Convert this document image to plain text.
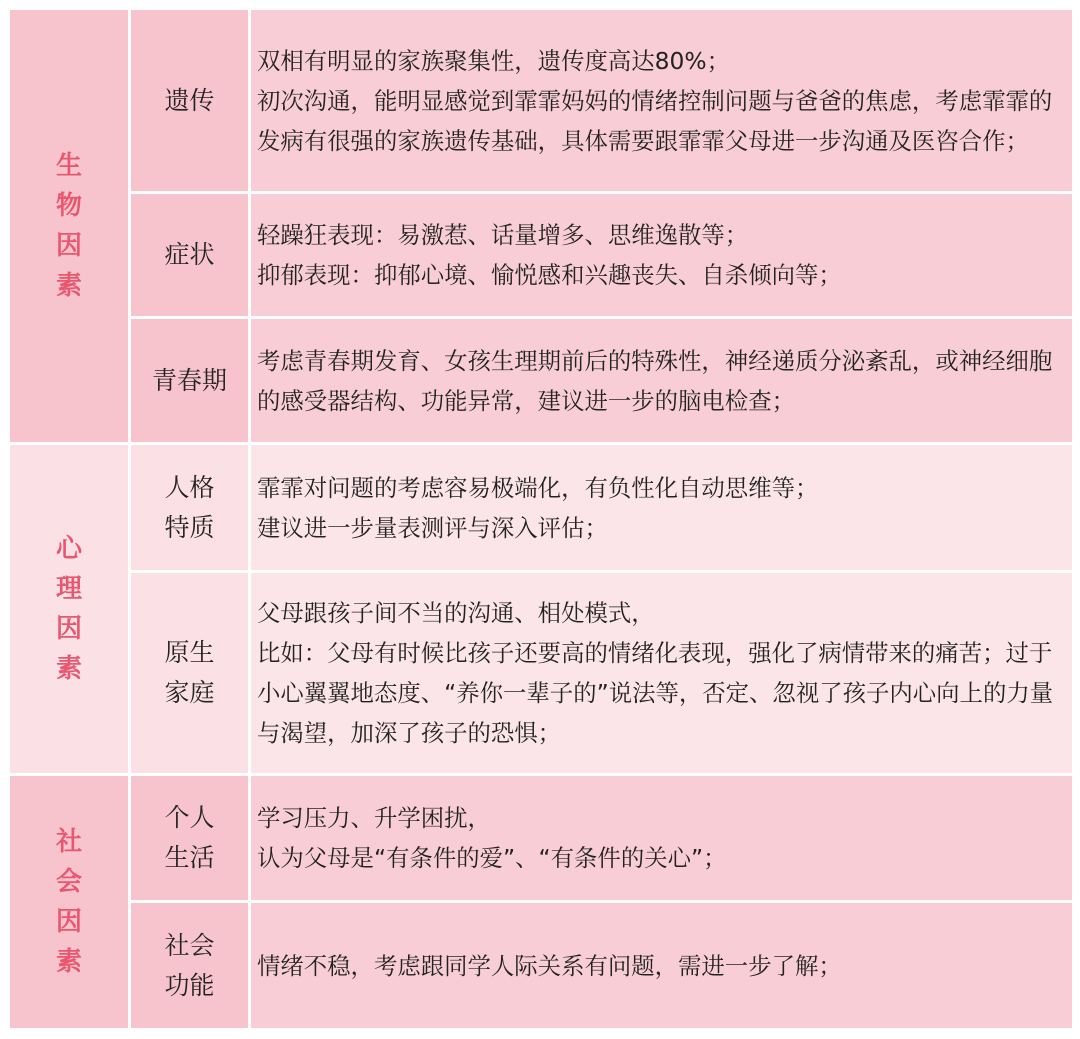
生物因素
遗传
双相有明显的家族聚集性，遗传度高达80%；
初次沟通，能明显感觉到霏霏妈妈的情绪控制问题与爸爸的焦虑，考虑霏霏的发病有很强的家族遗传基础，具体需要跟霏霏父母进一步沟通及医咨合作；
症状
轻躁狂表现：易激惹、话量增多、思维逸散等；
抑郁表现：抑郁心境、愉悦感和兴趣丧失、自杀倾向等；
青春期
考虑青春期发育、女孩生理期前后的特殊性，神经递质分泌紊乱，或神经细胞的感受器结构、功能异常，建议进一步的脑电检查；
心理因素
人格
特质
霏霏对问题的考虑容易极端化，有负性化自动思维等；
建议进一步量表测评与深入评估；
原生
家庭
父母跟孩子间不当的沟通、相处模式，
比如：父母有时候比孩子还要高的情绪化表现，强化了病情带来的痛苦；过于小心翼翼地态度、“养你一辈子的”说法等，否定、忽视了孩子内心向上的力量与渴望，加深了孩子的恐惧；
社会因素
个人
生活
学习压力、升学困扰，
认为父母是“有条件的爱”、“有条件的关心”；
社会
功能
情绪不稳，考虑跟同学人际关系有问题，需进一步了解；
